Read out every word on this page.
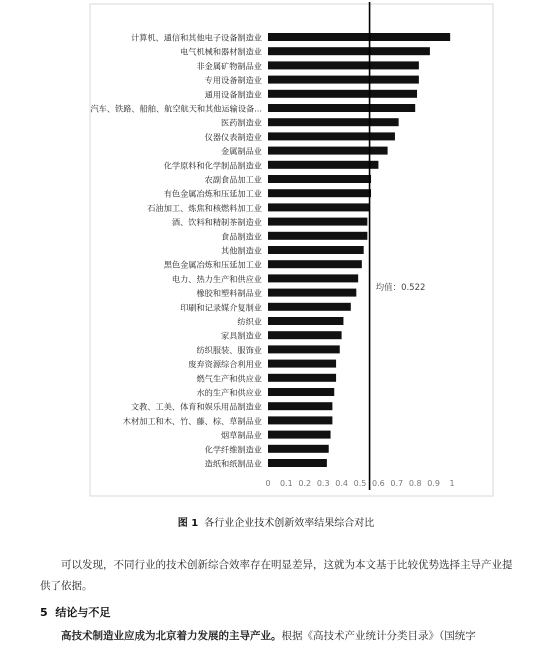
计算机、通信和其他电子设备制造业
电气机械和器材制造业
非金属矿物制品业
专用设备制造业
通用设备制造业
汽车、铁路、船舶、航空航天和其他运输设备...
医药制造业
仪器仪表制造业
金属制品业
化学原料和化学制品制造业
农副食品加工业
有色金属冶炼和压延加工业
石油加工、炼焦和核燃料加工业
酒、饮料和精制茶制造业
食品制造业
其他制造业
黑色金属冶炼和压延加工业
电力、热力生产和供应业
橡胶和塑料制品业
印刷和记录媒介复制业
纺织业
家具制造业
纺织服装、服饰业
废弃资源综合利用业
燃气生产和供应业
水的生产和供应业
文教、工美、体育和娱乐用品制造业
木材加工和木、竹、藤、棕、草制品业
烟草制品业
化学纤维制造业
造纸和纸制品业
0 0.1 0.2 0.3 0.4 0.5 0.6 0.7 0.8 0.9 1
均值：0.522
图 1 各行业企业技术创新效率结果综合对比
可以发现，不同行业的技术创新综合效率存在明显差异，这就为本文基于比较优势选择主导产业提供了依据。
5 结论与不足
高技术制造业应成为北京着力发展的主导产业。根据《高技术产业统计分类目录》（国统字
